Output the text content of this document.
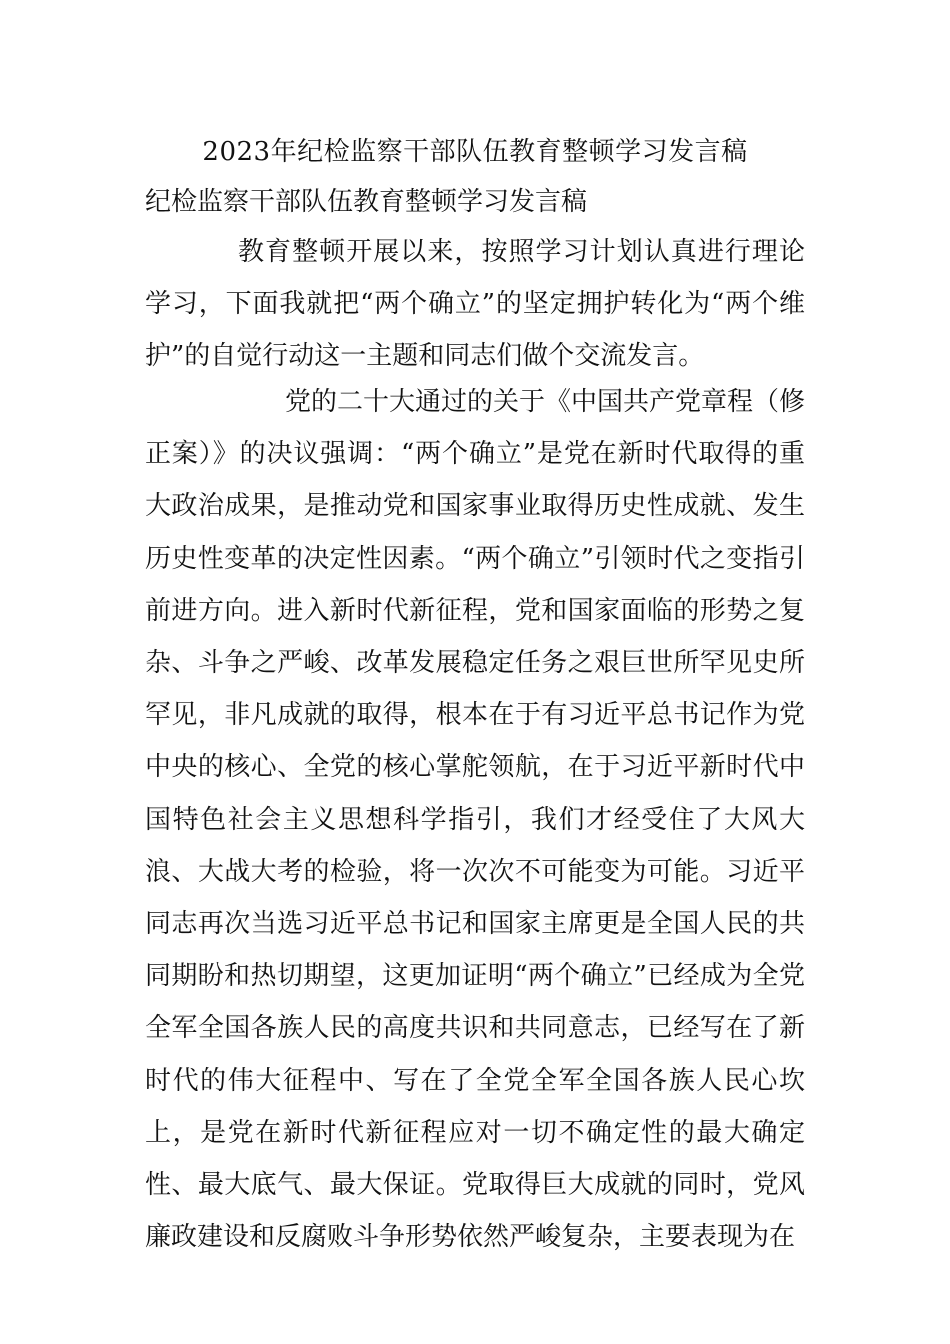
2023年纪检监察干部队伍教育整顿学习发言稿
纪检监察干部队伍教育整顿学习发言稿

教育整顿开展以来，按照学习计划认真进行理论学习，下面我就把“两个确立”的坚定拥护转化为“两个维护”的自觉行动这一主题和同志们做个交流发言。

党的二十大通过的关于《中国共产党章程（修正案）》的决议强调：“两个确立”是党在新时代取得的重大政治成果，是推动党和国家事业取得历史性成就、发生历史性变革的决定性因素。“两个确立”引领时代之变指引前进方向。进入新时代新征程，党和国家面临的形势之复杂、斗争之严峻、改革发展稳定任务之艰巨世所罕见史所罕见，非凡成就的取得，根本在于有习近平总书记作为党中央的核心、全党的核心掌舵领航，在于习近平新时代中国特色社会主义思想科学指引，我们才经受住了大风大浪、大战大考的检验，将一次次不可能变为可能。习近平同志再次当选习近平总书记和国家主席更是全国人民的共同期盼和热切期望，这更加证明“两个确立”已经成为全党全军全国各族人民的高度共识和共同意志，已经写在了新时代的伟大征程中、写在了全党全军全国各族人民心坎上，是党在新时代新征程应对一切不确定性的最大确定性、最大底气、最大保证。党取得巨大成就的同时，党风廉政建设和反腐败斗争形势依然严峻复杂，主要表现为在
